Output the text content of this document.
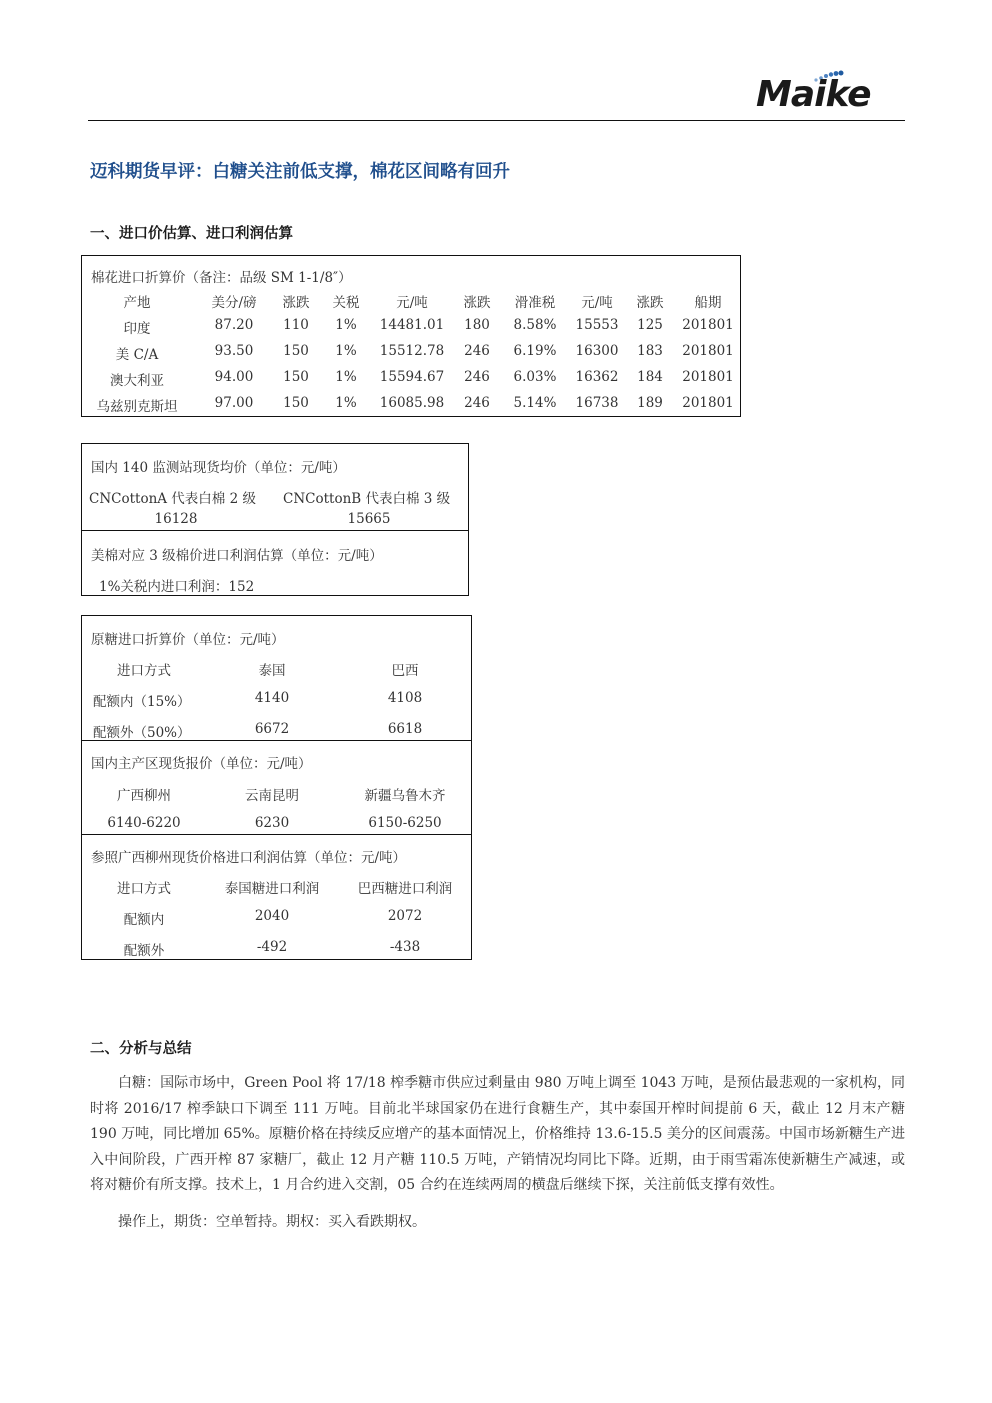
Maike
迈科期货早评：白糖关注前低支撑，棉花区间略有回升
一、进口价估算、进口利润估算
棉花进口折算价（备注：品级 SM 1-1/8″）
产地	美分/磅 涨跌 关税	元/吨	涨跌 滑准税 元/吨 涨跌 船期
印度	87.20 110 1% 14481.01 180 8.58% 15553 125 201801
美 C/A	93.50 150 1% 15512.78 246 6.19% 16300 183 201801
澳大利亚	94.00 150 1% 15594.67 246 6.03% 16362 184 201801
乌兹别克斯坦	97.00 150 1% 16085.98 246 5.14% 16738 189 201801
国内 140 监测站现货均价（单位：元/吨）
CNCottonA 代表白棉 2 级 CNCottonB 代表白棉 3 级
16128	15665
美棉对应 3 级棉价进口利润估算（单位：元/吨）
1%关税内进口利润：152
原糖进口折算价（单位：元/吨）
进口方式	泰国	巴西
配额内（15%）	4140	4108
配额外（50%）	6672	6618
国内主产区现货报价（单位：元/吨）
广西柳州	云南昆明	新疆乌鲁木齐
6140-6220	6230	6150-6250
参照广西柳州现货价格进口利润估算（单位：元/吨）
进口方式	泰国糖进口利润	巴西糖进口利润
配额内	2040	2072
配额外	-492	-438
二、分析与总结

白糖：国际市场中，Green Pool 将 17/18 榨季糖市供应过剩量由 980 万吨上调至 1043 万吨，是预估最悲观的一家机构，同时将 2016/17 榨季缺口下调至 111 万吨。目前北半球国家仍在进行食糖生产，其中泰国开榨时间提前 6 天，截止 12 月末产糖 190 万吨，同比增加 65%。原糖价格在持续反应增产的基本面情况上，价格维持 13.6-15.5 美分的区间震荡。中国市场新糖生产进入中间阶段，广西开榨 87 家糖厂，截止 12 月产糖 110.5 万吨，产销情况均同比下降。近期，由于雨雪霜冻使新糖生产减速，或将对糖价有所支撑。技术上，1 月合约进入交割，05 合约在连续两周的横盘后继续下探，关注前低支撑有效性。

操作上，期货：空单暂持。期权：买入看跌期权。
